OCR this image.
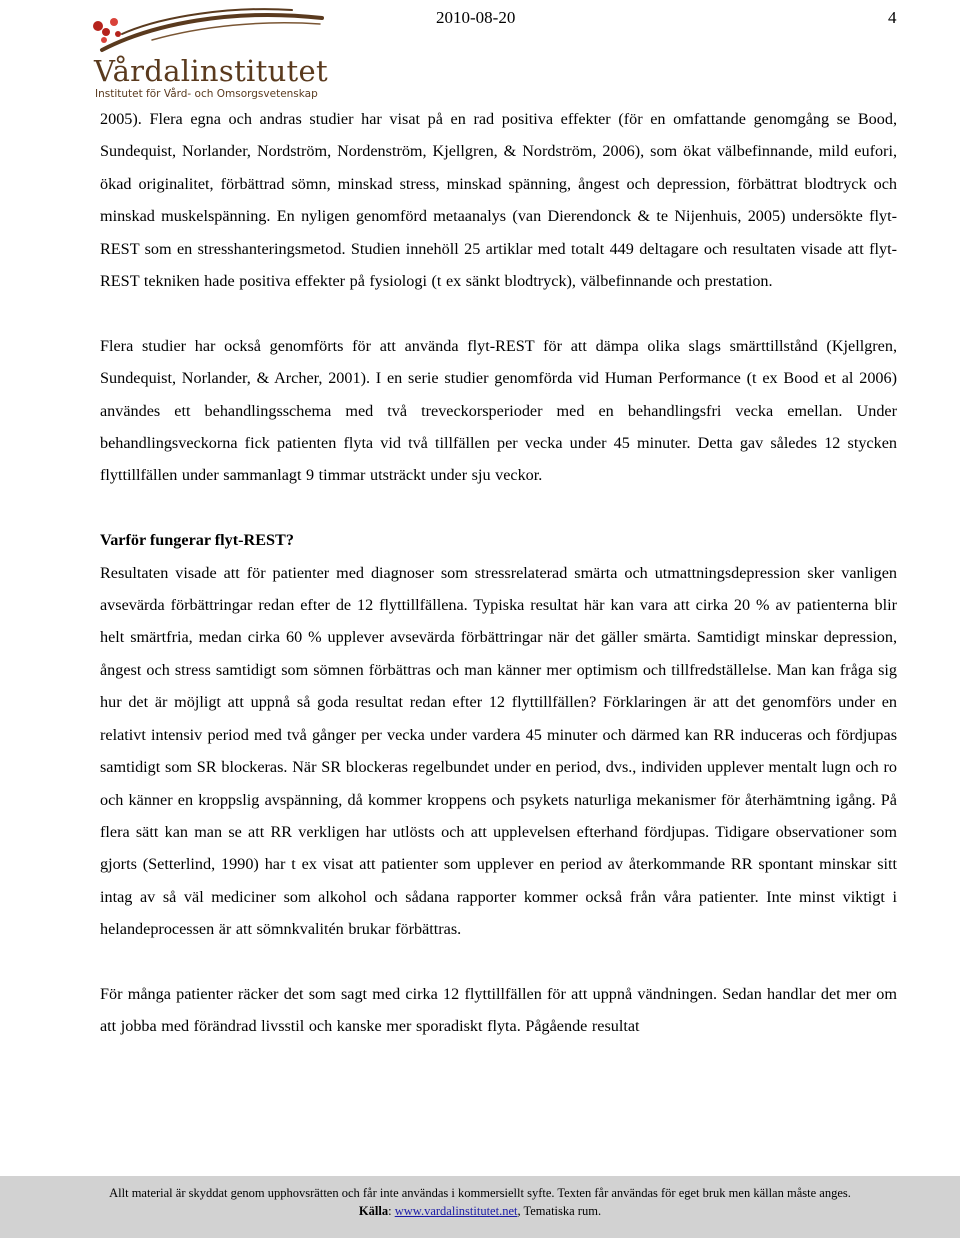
Vårdalinstitutet
Institutet för Vård- och Omsorgsvetenskap
2010-08-20	4

2005). Flera egna och andras studier har visat på en rad positiva effekter (för en omfattande genomgång se Bood, Sundequist, Norlander, Nordström, Nordenström, Kjellgren, & Nordström, 2006), som ökat välbefinnande, mild eufori, ökad originalitet, förbättrad sömn, minskad stress, minskad spänning, ångest och depression, förbättrat blodtryck och minskad muskelspänning. En nyligen genomförd metaanalys (van Dierendonck & te Nijenhuis, 2005) undersökte flyt-REST som en stresshanteringsmetod. Studien innehöll 25 artiklar med totalt 449 deltagare och resultaten visade att flyt-REST tekniken hade positiva effekter på fysiologi (t ex sänkt blodtryck), välbefinnande och prestation.

Flera studier har också genomförts för att använda flyt-REST för att dämpa olika slags smärttillstånd (Kjellgren, Sundequist, Norlander, & Archer, 2001). I en serie studier genomförda vid Human Performance (t ex Bood et al 2006) användes ett behandlingsschema med två treveckorsperioder med en behandlingsfri vecka emellan. Under behandlingsveckorna fick patienten flyta vid två tillfällen per vecka under 45 minuter. Detta gav således 12 stycken flyttillfällen under sammanlagt 9 timmar utsträckt under sju veckor.

Varför fungerar flyt-REST?

Resultaten visade att för patienter med diagnoser som stressrelaterad smärta och utmattningsdepression sker vanligen avsevärda förbättringar redan efter de 12 flyttillfällena. Typiska resultat här kan vara att cirka 20 % av patienterna blir helt smärtfria, medan cirka 60 % upplever avsevärda förbättringar när det gäller smärta. Samtidigt minskar depression, ångest och stress samtidigt som sömnen förbättras och man känner mer optimism och tillfredställelse. Man kan fråga sig hur det är möjligt att uppnå så goda resultat redan efter 12 flyttillfällen? Förklaringen är att det genomförs under en relativt intensiv period med två gånger per vecka under vardera 45 minuter och därmed kan RR induceras och fördjupas samtidigt som SR blockeras. När SR blockeras regelbundet under en period, dvs., individen upplever mentalt lugn och ro och känner en kroppslig avspänning, då kommer kroppens och psykets naturliga mekanismer för återhämtning igång. På flera sätt kan man se att RR verkligen har utlösts och att upplevelsen efterhand fördjupas. Tidigare observationer som gjorts (Setterlind, 1990) har t ex visat att patienter som upplever en period av återkommande RR spontant minskar sitt intag av så väl mediciner som alkohol och sådana rapporter kommer också från våra patienter. Inte minst viktigt i helandeprocessen är att sömnkvalitén brukar förbättras.

För många patienter räcker det som sagt med cirka 12 flyttillfällen för att uppnå vändningen. Sedan handlar det mer om att jobba med förändrad livsstil och kanske mer sporadiskt flyta. Pågående resultat

Allt material är skyddat genom upphovsrätten och får inte användas i kommersiellt syfte. Texten får användas för eget bruk men källan måste anges.
Källa: www.vardalinstitutet.net, Tematiska rum.
